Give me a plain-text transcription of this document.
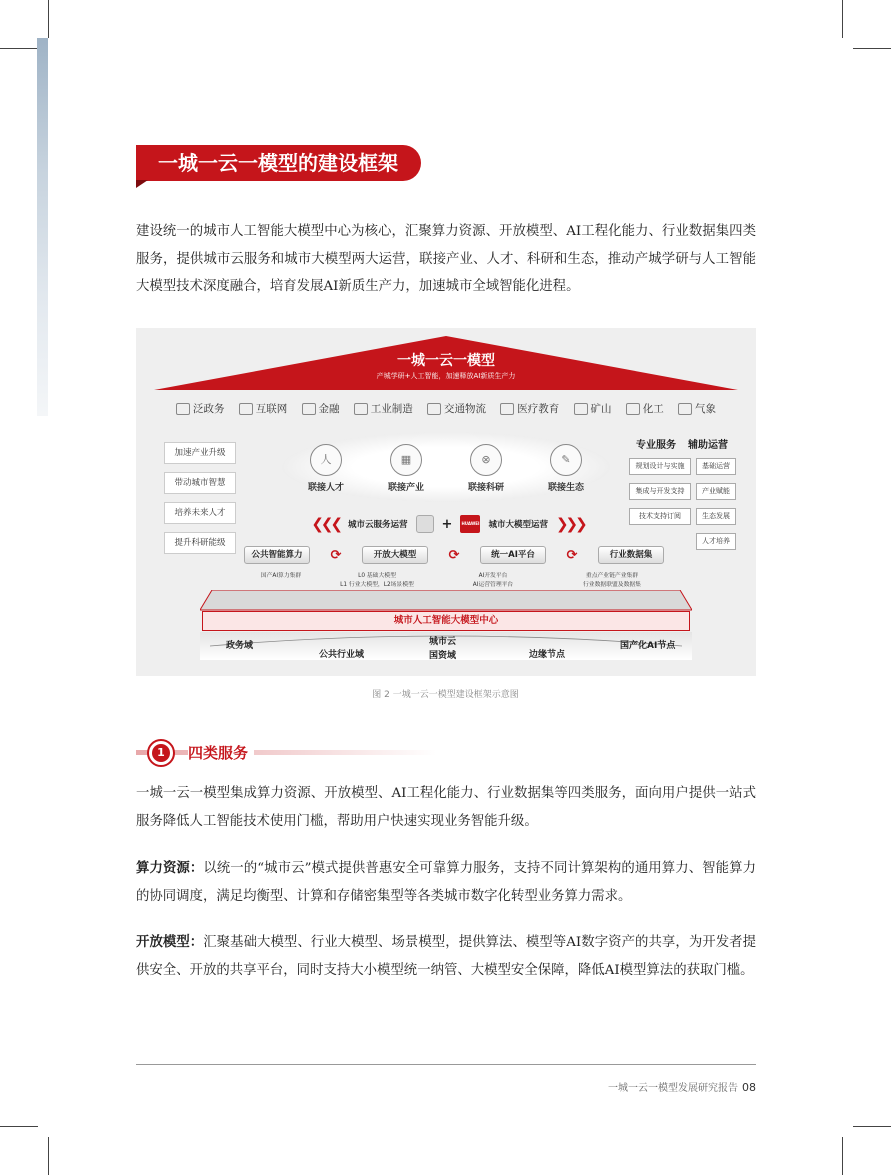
一城一云一模型的建设框架
建设统一的城市人工智能大模型中心为核心，汇聚算力资源、开放模型、AI工程化能力、行业数据集四类服务，提供城市云服务和城市大模型两大运营，联接产业、人才、科研和生态，推动产城学研与人工智能大模型技术深度融合，培育发展AI新质生产力，加速城市全域智能化进程。
一城一云一模型
产城学研+人工智能，加速释放AI新质生产力
泛政务	互联网	金融	工业制造	交通物流	医疗教育	矿山	化工	气象
加速产业升级
带动城市智慧
培养未来人才
提升科研能级
人
联接人才
▦
联接产业
⊗
联接科研
✎
联接生态
专业服务 辅助运营
规划设计与实施
集成与开发支持
技术支持订阅
基础运营
产业赋能
生态发展
人才培养
❮❮❮ 城市云服务运营	+ HUAWEI 城市大模型运营 ❯❯❯
公共智能算力	⟳	开放大模型	⟳	统一AI平台	⟳	行业数据集
国产AI算力集群	L0 基础大模型
L1 行业大模型，L2场景模型
AI开发平台
AI运营管理平台
重点产业链产业集群
行业数据联盟及数据集
城市人工智能大模型中心
政务域
公共行业域
城市云
国资域	边缘节点
国产化AI节点
图 2 一城一云一模型建设框架示意图
1	四类服务
一城一云一模型集成算力资源、开放模型、AI工程化能力、行业数据集等四类服务，面向用户提供一站式服务降低人工智能技术使用门槛，帮助用户快速实现业务智能升级。
算力资源：以统一的“城市云”模式提供普惠安全可靠算力服务，支持不同计算架构的通用算力、智能算力的协同调度，满足均衡型、计算和存储密集型等各类城市数字化转型业务算力需求。
开放模型：汇聚基础大模型、行业大模型、场景模型，提供算法、模型等AI数字资产的共享，为开发者提供安全、开放的共享平台，同时支持大小模型统一纳管、大模型安全保障，降低AI模型算法的获取门槛。
一城一云一模型发展研究报告 08
